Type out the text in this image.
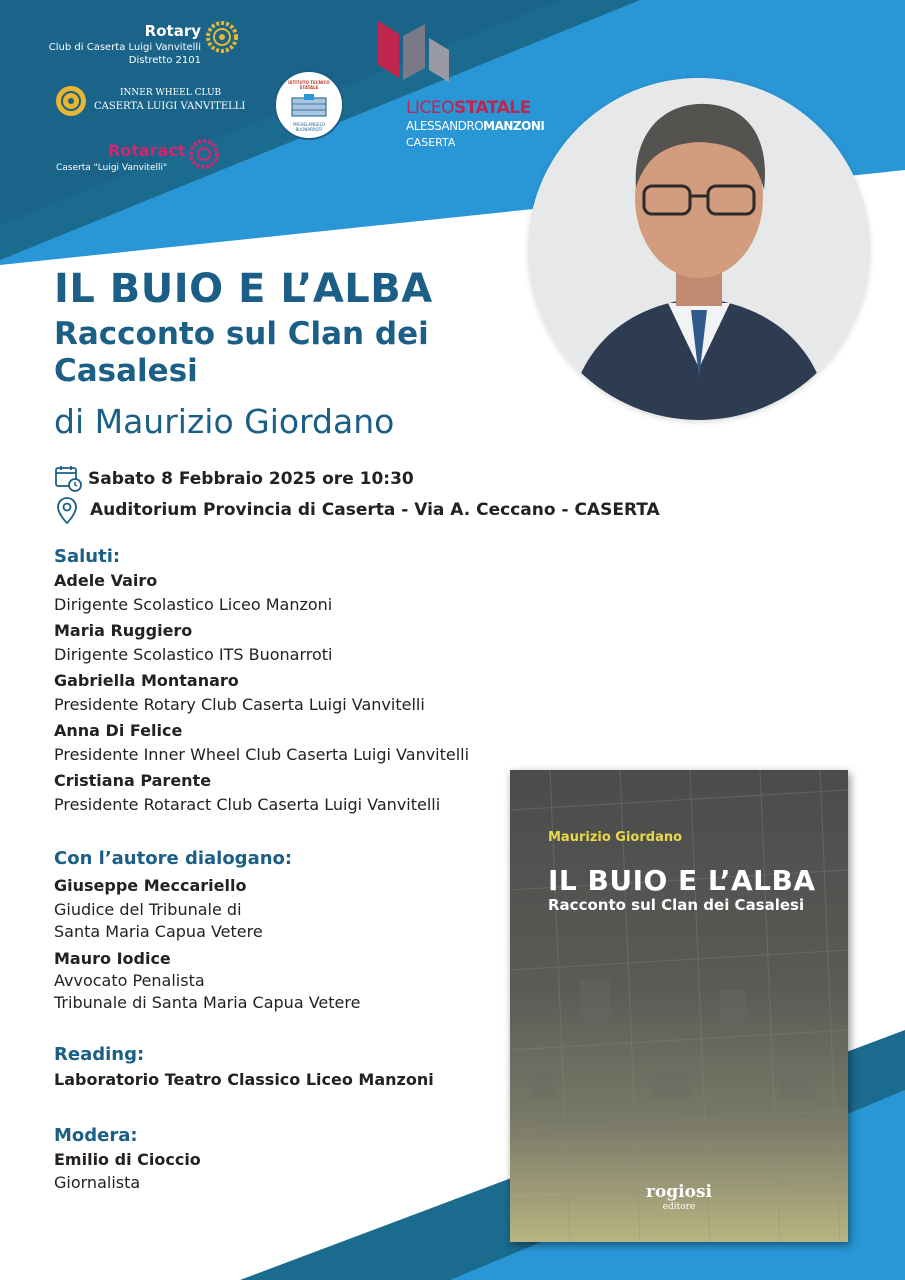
Rotary
Club di Caserta Luigi Vanvitelli
Distretto 2101
INNER WHEEL CLUB
CASERTA LUIGI VANVITELLI
Rotaract
Caserta "Luigi Vanvitelli"
ISTITUTO TECNICO STATALE
MICHELANGELO BUONARROTI
LICEOSTATALE
ALESSANDROMANZONI
CASERTA
IL BUIO E L’ALBA
Racconto sul Clan dei Casalesi
di Maurizio Giordano
Sabato 8 Febbraio 2025 ore 10:30
Auditorium Provincia di Caserta - Via A. Ceccano - CASERTA
Saluti:
Adele Vairo
Dirigente Scolastico Liceo Manzoni
Maria Ruggiero
Dirigente Scolastico ITS Buonarroti
Gabriella Montanaro
Presidente Rotary Club Caserta Luigi Vanvitelli
Anna Di Felice
Presidente Inner Wheel Club Caserta Luigi Vanvitelli
Cristiana Parente
Presidente Rotaract Club Caserta Luigi Vanvitelli
Con l’autore dialogano:
Giuseppe Meccariello
Giudice del Tribunale di
Santa Maria Capua Vetere
Mauro Iodice
Avvocato Penalista
Tribunale di Santa Maria Capua Vetere
Reading:
Laboratorio Teatro Classico Liceo Manzoni
Modera:
Emilio di Cioccio
Giornalista
Maurizio Giordano
IL BUIO E L’ALBA
Racconto sul Clan dei Casalesi
rogiosi
editore
